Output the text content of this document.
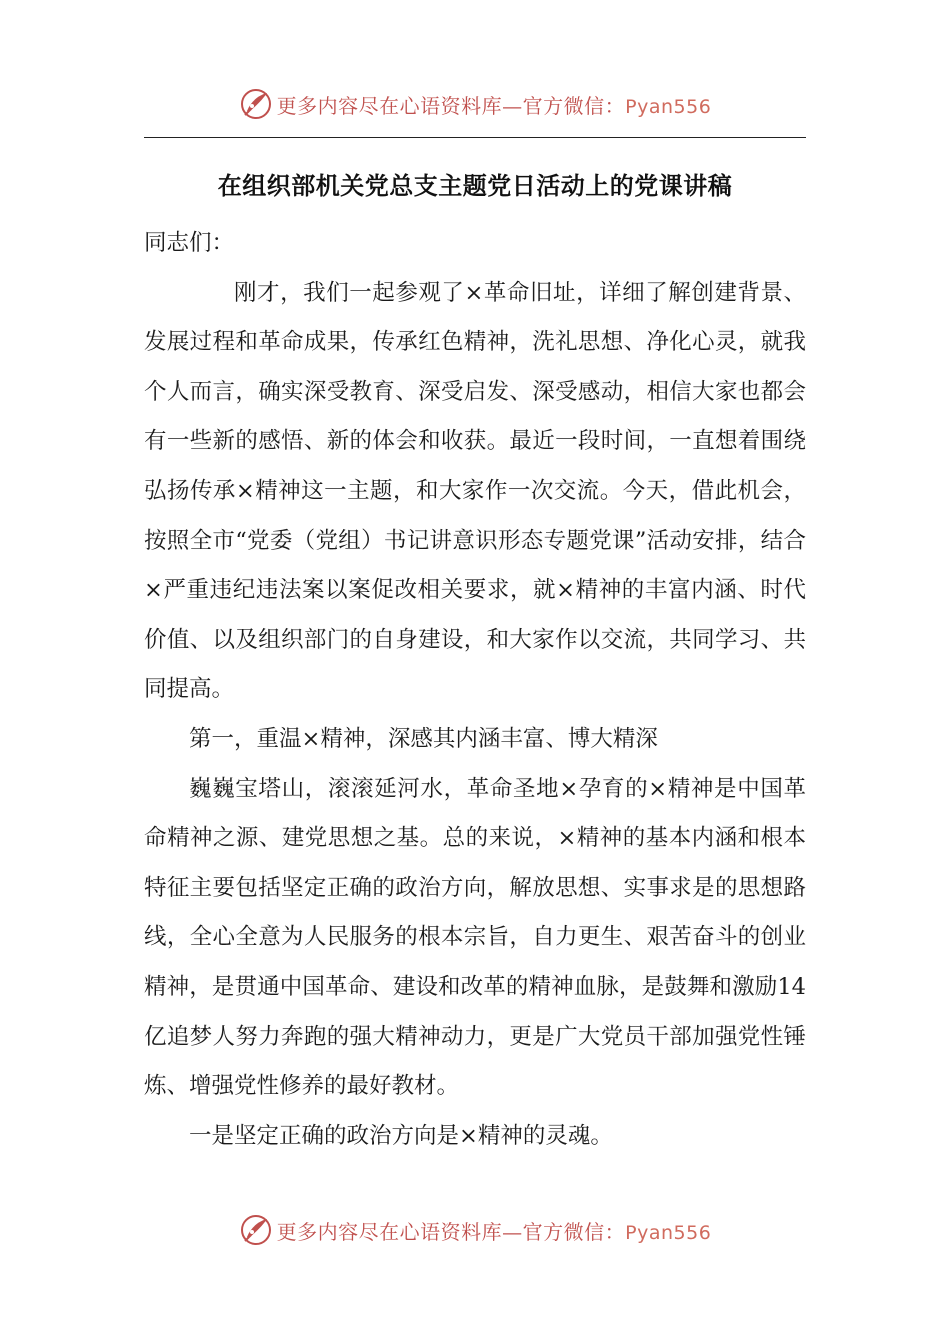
更多内容尽在心语资料库—官方微信：Pyan556
在组织部机关党总支主题党日活动上的党课讲稿

同志们：

刚才，我们一起参观了×革命旧址，详细了解创建背景、发展过程和革命成果，传承红色精神，洗礼思想、净化心灵，就我个人而言，确实深受教育、深受启发、深受感动，相信大家也都会有一些新的感悟、新的体会和收获。最近一段时间，一直想着围绕弘扬传承×精神这一主题，和大家作一次交流。今天，借此机会，按照全市“党委（党组）书记讲意识形态专题党课”活动安排，结合×严重违纪违法案以案促改相关要求，就×精神的丰富内涵、时代价值、以及组织部门的自身建设，和大家作以交流，共同学习、共同提高。

第一，重温×精神，深感其内涵丰富、博大精深

巍巍宝塔山，滚滚延河水，革命圣地×孕育的×精神是中国革命精神之源、建党思想之基。总的来说，×精神的基本内涵和根本特征主要包括坚定正确的政治方向，解放思想、实事求是的思想路线，全心全意为人民服务的根本宗旨，自力更生、艰苦奋斗的创业精神，是贯通中国革命、建设和改革的精神血脉，是鼓舞和激励14亿追梦人努力奔跑的强大精神动力，更是广大党员干部加强党性锤炼、增强党性修养的最好教材。

一是坚定正确的政治方向是×精神的灵魂。

更多内容尽在心语资料库—官方微信：Pyan556
